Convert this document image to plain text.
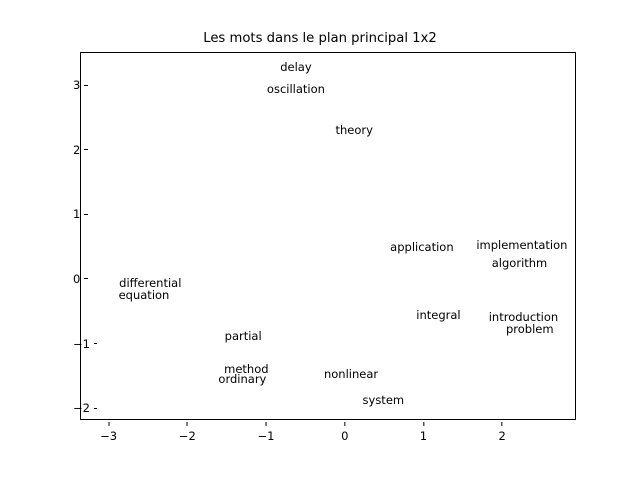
Les mots dans le plan principal 1x2
delay
oscillation
theory
application implementation
algorithm
differential
equation
integral introduction
problem
partial
method
ordinary	nonlinear
system
−3	−2	−1	0	1	2
−2
−1
0
1
2
3
